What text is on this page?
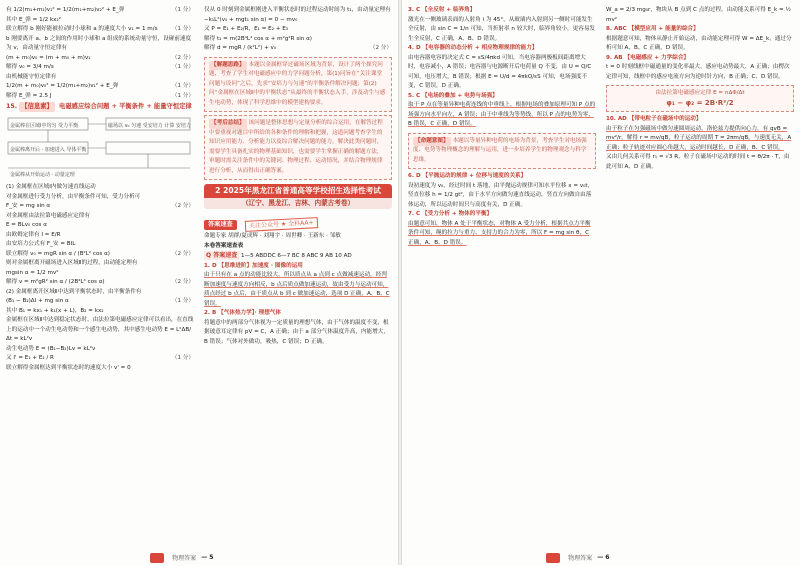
有 1/2(m₁+m₂)v₁² = 1/2(m₁+m₂)v₂² + E_弹	（1 分）

其中 E_弹 = 1/2 kx₂²

联立解得 b 刚好能被拉动时小球和 a 的速度大小 v₁ = 1 m/s	（1 分）

b 刚要离开 a、b 之间的作用时小球和 a 组成的系统动量守恒，设碰前速度为 v，由动量守恒定律有

(m + m₀)v₀ = (m + m₀ + m)v₁	（2 分）

解得 v₀ = 3/4 m/s	（1 分）

由机械能守恒定律有

1/2(m + m₀)v₀² = 1/2(m₁+m₂)v₁² + E_弹	（1 分）

解得 E_弹 = 2.5 J	（1 分）

15. 【信息素】 电磁感应综合问题 + 平衡条件 + 能量守恒定律

金属棒在区域Ⅰ中均匀 受力平衡	磁场以 v₀ 匀速 受安培力 计算 安培力
金属棒离开后 · 加速进入 导体平衡
金属棒从开始运动 · 动量定理

(1) 金属框在区域Ⅰ内做匀速直线运动

对金属框进行受力分析，由平衡条件可知，受力分析可

F_安 = mg sin α	（2 分）

对金属框由法拉第电磁感应定律有

E = BLv₀ cos α

由欧姆定律有 I = E/R

由安培力公式有 F_安 = BIL

联立解得 v₀ = mgR sin α / (B²L² cos α)	（2 分）

则对金属框离开磁场进入区域Ⅱ的过程，由动能定理有

mgsin α = 1/2 mv²

解得 v = m²gR² sin α / (2B⁴L⁴ cos α)	（2 分）

(2) 金属框离开区域Ⅱ中达到平衡状态时，由平衡条件有

(B₁ − B₂)ΔI + mg sin α	（1 分）

其中 B₁ = kx₁ + k₁(x + L)，B₂ = kx₂

金属框在区域Ⅱ中达到稳定状态时，由法拉第电磁感应定律可以看出，在直线上的运动中一个动生电动势和一个感生电动势，其中感生电动势 E = L²ΔB/Δt = kL²v

动生电动势 E = (B₁−B₂)Lv = kL²v

又 I' = E₁ + E₂ / R	（1 分）

联立解得金属框达到平衡状态时的速度大小 v' = 0

仅从 0 时刻到金属框刚进入平衡状态时的过程运动时间为 t₁，由动量定理有

−k₁L²(v₀ + mgt₁ sin α) = 0 − mv₀

又 P = E₁ + E₂/R，E₁ = E₂ + E₃

解得 t₁ = m(2B⁴L⁴ cos α + m²g²R sin α)

解得 d = mgR / (k²L²) + v₀	（2 分）

【解题思路】 本题以金属框穿过磁场区域为背景，设计了两个探究问题，考查了学生对电磁感应中的力学问题分析，第(1)问旨在“关注课堂问题与设问”之后，先求“安培力与匀速”的平衡条件解决问题；第(2)问“金属框在区域Ⅱ中的平衡状态”从最终的平衡状态入手，涉及动生与感生电动势，体现了科学思维中的模型建构要求。

【考后总结】 该问题是整体思想与定量分析的综合运用，在解答过程中要重视对题目中所给的各种条件的理解和把握，这道问题考查学生的知识应用能力、分析能力以及综合解决问题的能力，解决此类问题时，需要学生具备扎实的物理基础知识，也需要学生掌握正确的解题方法，审题时需关注条件中的关键词、物理过程、运动情况，并结合物理规律进行分析，从而得出正确答案。

2 2025年黑龙江省普通高等学校招生选择性考试
（辽宁、黑龙江、吉林、内蒙古考卷）
答案速查	关注公众号 ★ 全科AA+

命题专家 胡群/夏成辉 · 刘翔宇 · 周世卿 · 王新东 · 邹敏

本卷答案速查表

Q 答案速查 1—5 ABDDC 6—7 BC 8 ABC 9 AB 10 AD

1. D 【思维进阶】加速度 · 图像的运用

由于只有在 a 点的动能比较大，所以质点从 a 点到 c 点做减速运动，经判断加速度与速度方向相反，b 点后质点做加速运动，故由受力与运动可知，质点经过 b 点后，由于质点从 b 到 c 做加速运动，选项 D 正确，A、B、C 错误。

2. B 【气体热力学】· 理想气体

将题意中的两部分气体视为一定质量的理想气体，由于气体的温度不变，根据玻意耳定律有 pV = C，A 正确；由于 a 部分气体温度升高，内能增大，B 错误；气体对外做功，吸热，C 错误；D 正确。

3. C 【全反射 + 临界角】

激光在一侧玻璃表面的入射角 i 为 45°，从玻璃内入射到另一侧时可能发生全反射，由 sin C = 1/n 可知，当折射率 n 较大时，临界角较小，更容易发生全反射，C 正确，A、B、D 错误。

4. D 【电容器的动态分析 + 相应物理规律的能力】

由电容器电容的决定式 C = εS/4πkd 可知，当电容器两极板间距离增大时，电容减小，A 错误；电容器与电源断开后电荷量 Q 不变，由 U = Q/C 可知，电压增大，B 错误；根据 E = U/d = 4πkQ/εS 可知，电场强度不变，C 错误，D 正确。

5. C 【电场的叠加 + 电势与场强】

取于 P 点在等量异种电荷连线的中垂线上，根据电场的叠加原理可知 P 点的场强方向水平向左，A 错误；由于中垂线为等势线，所以 P 点的电势为零，B 错误，C 正确，D 错误。

【命题意图】 本题以等量异种电荷的电场为背景，考查学生对电场强度、电势等物理概念的理解与运用，进一步培养学生的物理观念与科学思维。

6. D 【平抛运动的规律 + 位移与速度的关系】

设初速度为 v₀，经过时间 t 落地，由平抛运动规律可知水平位移 x = v₀t，竖直位移 h = 1/2 gt²，由于水平方向做匀速直线运动，竖直方向做自由落体运动，所以运动时间只与高度有关，D 正确。

7. C 【受力分析 + 物体的平衡】

由题意可知，物体 A 处于平衡状态，对物体 A 受力分析，根据共点力平衡条件可知，绳的拉力与重力、支持力的合力为零，所以 F = mg sin θ，C 正确，A、B、D 错误。

W_a = 2/3 mg₀r，物块从 B 点到 C 点的过程，由动能关系可得 E_k = ½ mv²

8. ABC 【模型应用 + 能量的综合】

根据题意可知，物体从静止开始运动，由动能定理可得 W = ΔE_k，通过分析可知 A、B、C 正确，D 错误。

9. AB 【电磁感应 + 力学综合】

t = 0 时刻线框中磁通量的变化率最大，感应电动势最大，A 正确；由楞次定律可知，线框中的感应电流方向为逆时针方向，B 正确；C、D 错误。

由法拉第电磁感应定律 E = nΔΦ/Δt

φ₁ − φ₂ = 2B·R²/2

10. AD 【带电粒子在磁场中的运动】

由于粒子在匀强磁场中做匀速圆周运动，洛伦兹力提供向心力，有 qvB = mv²/r，解得 r = mv/qB，粒子运动的周期 T = 2πm/qB，与速度无关，A 正确；粒子轨迹对应圆心角越大，运动时间越长，D 正确，B、C 错误。

又由几何关系可得 r₁ = √3 R，粒子在磁场中运动的时间 t = θ/2π · T，由此可知 A、D 正确。

物理答案 — 5	物理答案 — 6
